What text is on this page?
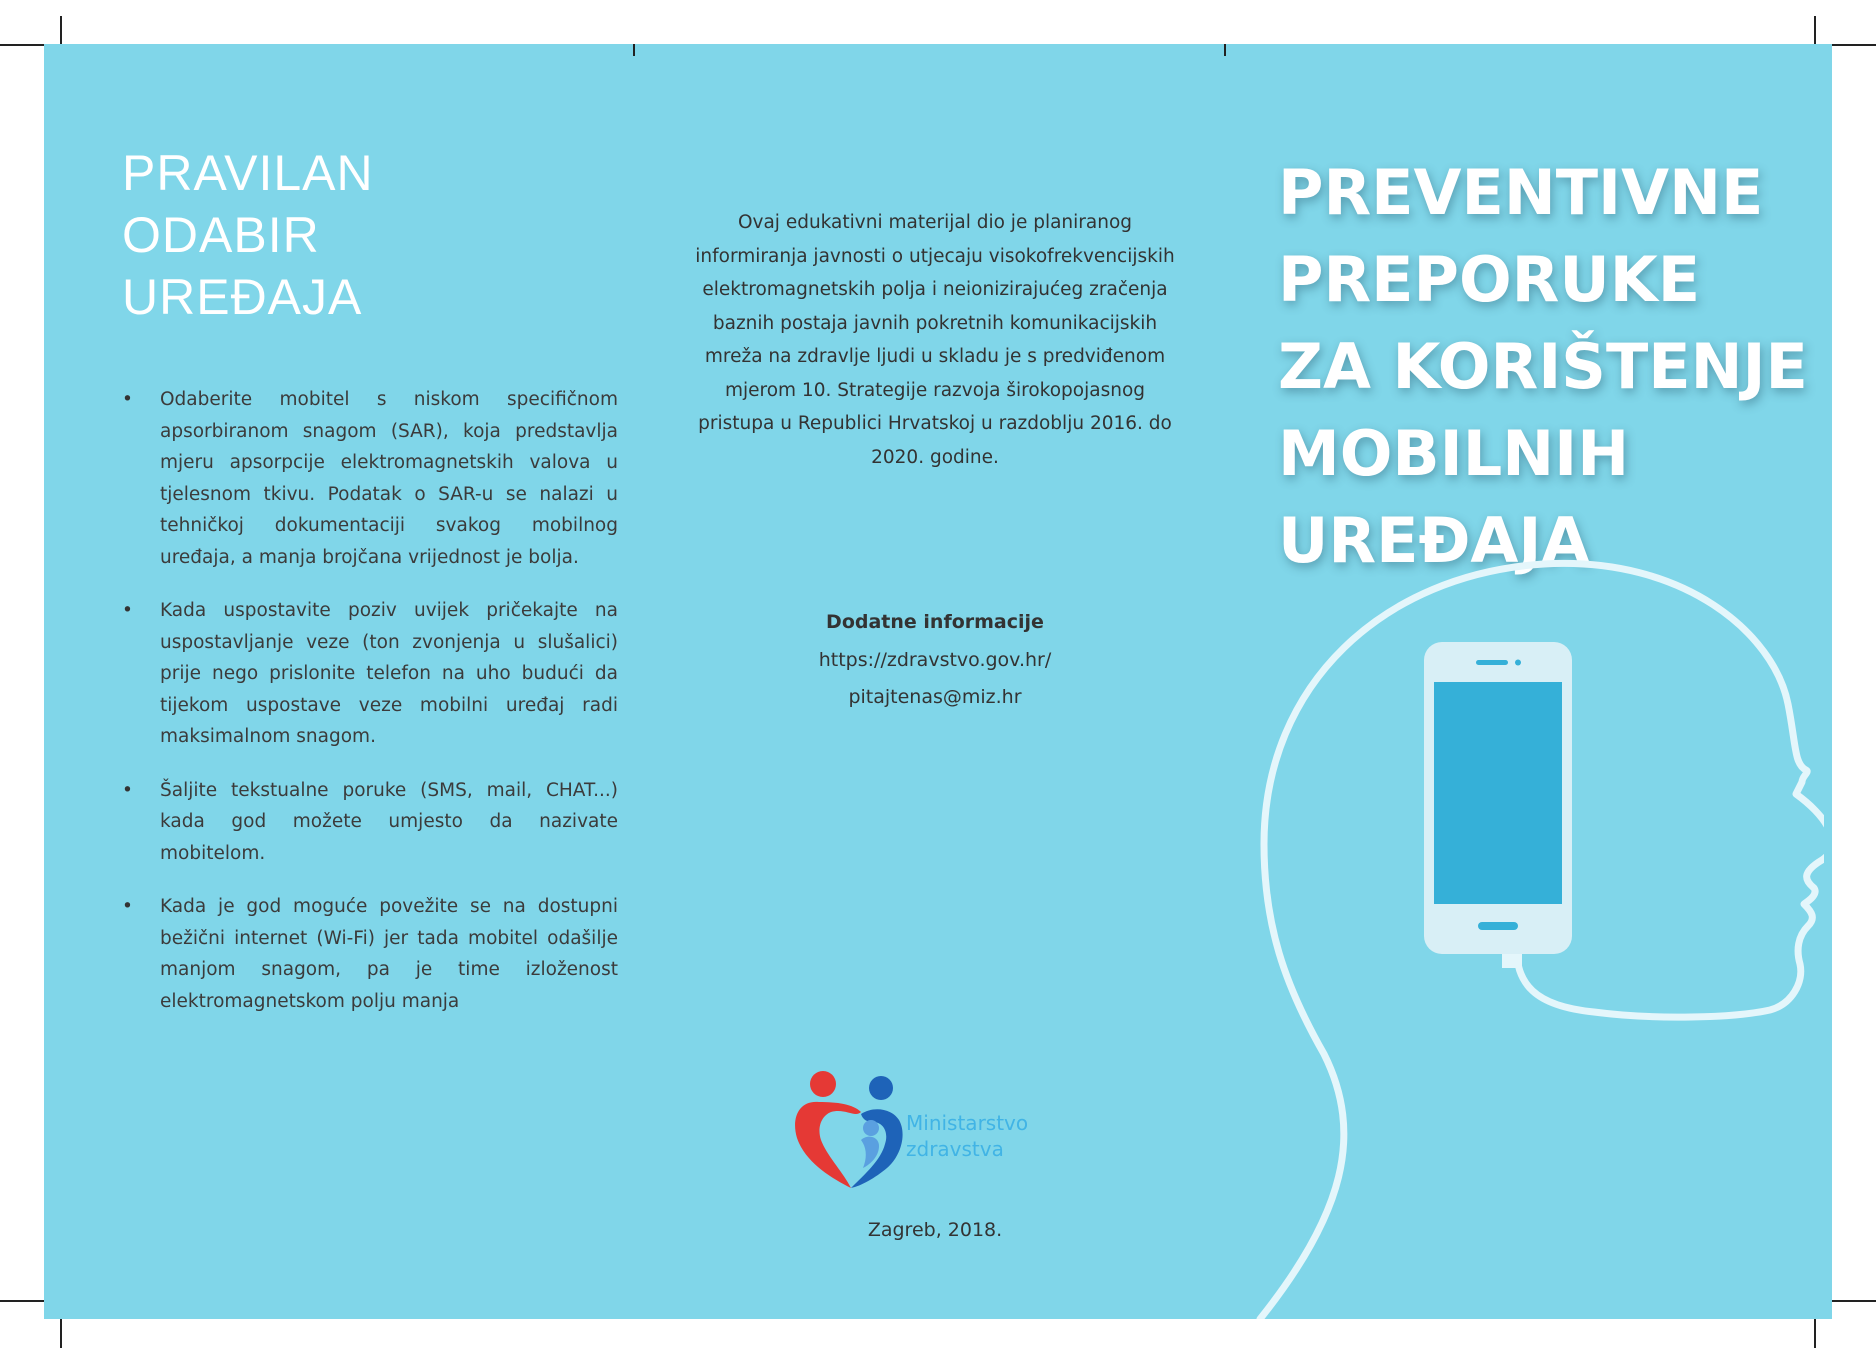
PRAVILAN
ODABIR
UREĐAJA
• Odaberite mobitel s niskom specifičnom apsorbiranom snagom (SAR), koja predstavlja mjeru apsorpcije elektromagnetskih valova u tjelesnom tkivu. Podatak o SAR-u se nalazi u tehničkoj dokumentaciji svakog mobilnog uređaja, a manja brojčana vrijednost je bolja.
• Kada uspostavite poziv uvijek pričekajte na uspostavljanje veze (ton zvonjenja u slušalici) prije nego prislonite telefon na uho budući da tijekom uspostave veze mobilni uređaj radi maksimalnom snagom.
• Šaljite tekstualne poruke (SMS, mail, CHAT...) kada god možete umjesto da nazivate mobitelom.
• Kada je god moguće povežite se na dostupni bežični internet (Wi-Fi) jer tada mobitel odašilje manjom snagom, pa je time izloženost elektromagnetskom polju manja

Ovaj edukativni materijal dio je planiranog informiranja javnosti o utjecaju visokofrekvencijskih elektromagnetskih polja i neionizirajućeg zračenja baznih postaja javnih pokretnih komunikacijskih mreža na zdravlje ljudi u skladu je s predviđenom mjerom 10. Strategije razvoja širokopojasnog pristupa u Republici Hrvatskoj u razdoblju 2016. do 2020. godine.

Dodatne informacije
https://zdravstvo.gov.hr/
pitajtenas@miz.hr
Ministarstvo
zdravstva
Zagreb, 2018.
PREVENTIVNE
PREPORUKE
ZA KORIŠTENJE
MOBILNIH
UREĐAJA
